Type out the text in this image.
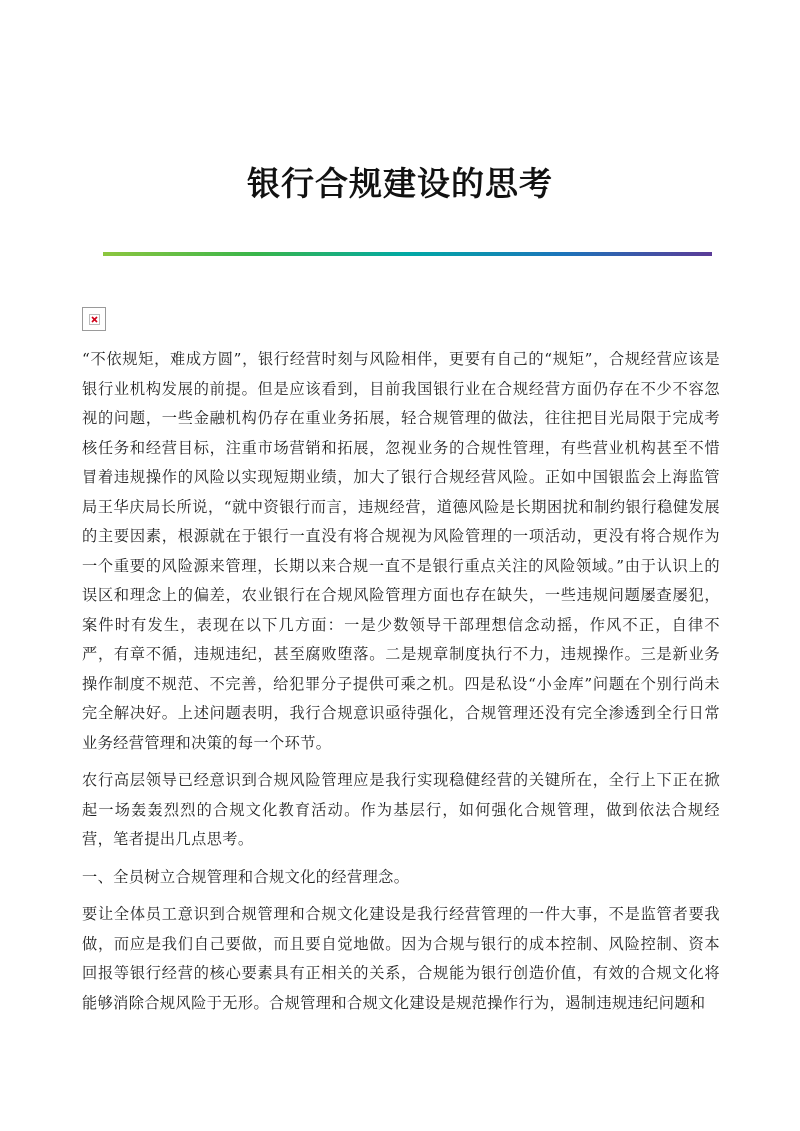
银行合规建设的思考

“不依规矩，难成方圆”，银行经营时刻与风险相伴，更要有自己的“规矩”，合规经营应该是银行业机构发展的前提。但是应该看到，目前我国银行业在合规经营方面仍存在不少不容忽视的问题，一些金融机构仍存在重业务拓展，轻合规管理的做法，往往把目光局限于完成考核任务和经营目标，注重市场营销和拓展，忽视业务的合规性管理，有些营业机构甚至不惜冒着违规操作的风险以实现短期业绩，加大了银行合规经营风险。正如中国银监会上海监管局王华庆局长所说，“就中资银行而言，违规经营，道德风险是长期困扰和制约银行稳健发展的主要因素，根源就在于银行一直没有将合规视为风险管理的一项活动，更没有将合规作为一个重要的风险源来管理，长期以来合规一直不是银行重点关注的风险领域。”由于认识上的误区和理念上的偏差，农业银行在合规风险管理方面也存在缺失，一些违规问题屡查屡犯，案件时有发生，表现在以下几方面：一是少数领导干部理想信念动摇，作风不正，自律不严，有章不循，违规违纪，甚至腐败堕落。二是规章制度执行不力，违规操作。三是新业务操作制度不规范、不完善，给犯罪分子提供可乘之机。四是私设“小金库”问题在个别行尚未完全解决好。上述问题表明，我行合规意识亟待强化，合规管理还没有完全渗透到全行日常业务经营管理和决策的每一个环节。

农行高层领导已经意识到合规风险管理应是我行实现稳健经营的关键所在，全行上下正在掀起一场轰轰烈烈的合规文化教育活动。作为基层行，如何强化合规管理，做到依法合规经营，笔者提出几点思考。

一、全员树立合规管理和合规文化的经营理念。

要让全体员工意识到合规管理和合规文化建设是我行经营管理的一件大事，不是监管者要我做，而应是我们自己要做，而且要自觉地做。因为合规与银行的成本控制、风险控制、资本回报等银行经营的核心要素具有正相关的关系，合规能为银行创造价值，有效的合规文化将能够消除合规风险于无形。合规管理和合规文化建设是规范操作行为，遏制违规违纪问题和
